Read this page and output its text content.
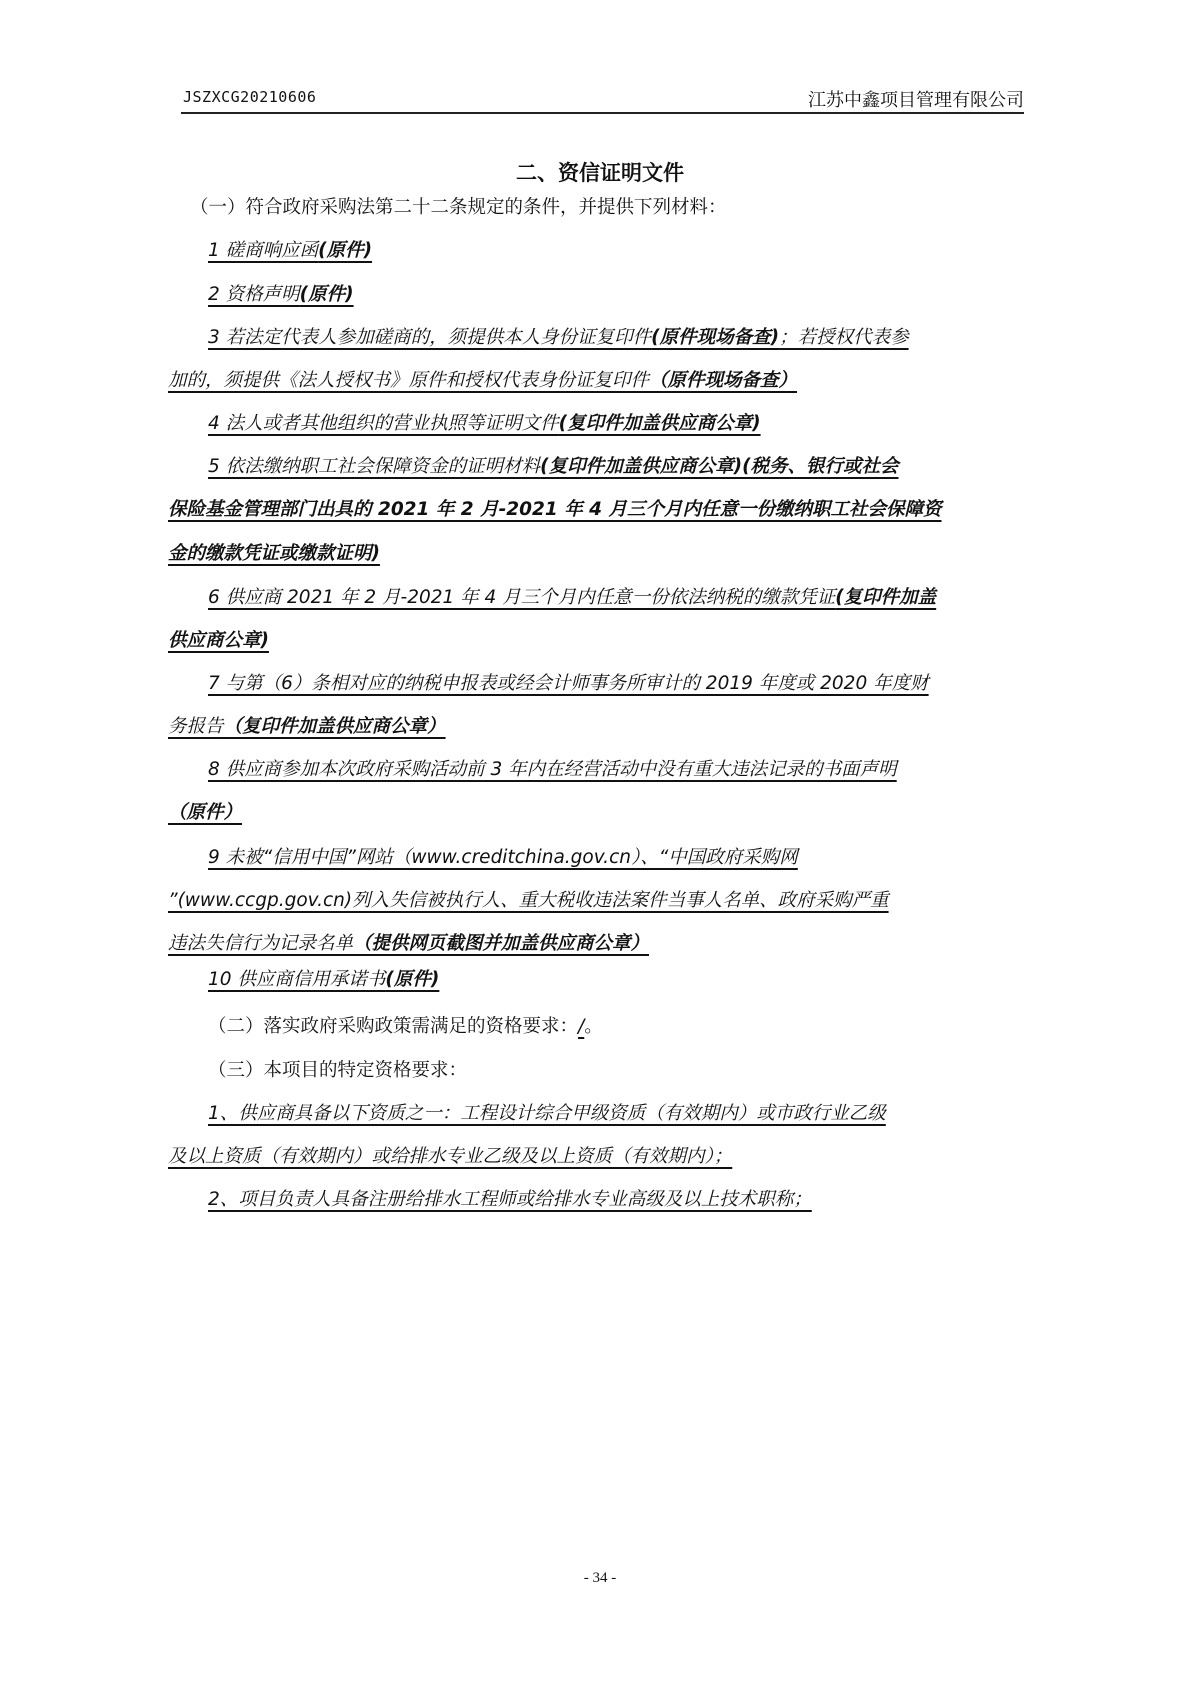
JSZXCG20210606	江苏中鑫项目管理有限公司
二、资信证明文件
（一）符合政府采购法第二十二条规定的条件，并提供下列材料：
1 磋商响应函(原件)
2 资格声明(原件)
3 若法定代表人参加磋商的，须提供本人身份证复印件(原件现场备查)；若授权代表参
加的，须提供《法人授权书》原件和授权代表身份证复印件（原件现场备查）
4 法人或者其他组织的营业执照等证明文件(复印件加盖供应商公章)
5 依法缴纳职工社会保障资金的证明材料(复印件加盖供应商公章)(税务、银行或社会
保险基金管理部门出具的 2021 年 2 月-2021 年 4 月三个月内任意一份缴纳职工社会保障资
金的缴款凭证或缴款证明)
6 供应商 2021 年 2 月-2021 年 4 月三个月内任意一份依法纳税的缴款凭证(复印件加盖
供应商公章)
7 与第（6）条相对应的纳税申报表或经会计师事务所审计的 2019 年度或 2020 年度财
务报告（复印件加盖供应商公章）
8 供应商参加本次政府采购活动前 3 年内在经营活动中没有重大违法记录的书面声明
（原件）
9 未被“信用中国”网站（www.creditchina.gov.cn）、“中国政府采购网
”(www.ccgp.gov.cn)列入失信被执行人、重大税收违法案件当事人名单、政府采购严重
违法失信行为记录名单（提供网页截图并加盖供应商公章）
10 供应商信用承诺书(原件)
（二）落实政府采购政策需满足的资格要求：/。
（三）本项目的特定资格要求：
1、供应商具备以下资质之一：工程设计综合甲级资质（有效期内）或市政行业乙级
及以上资质（有效期内）或给排水专业乙级及以上资质（有效期内）；
2、项目负责人具备注册给排水工程师或给排水专业高级及以上技术职称；
- 34 -
